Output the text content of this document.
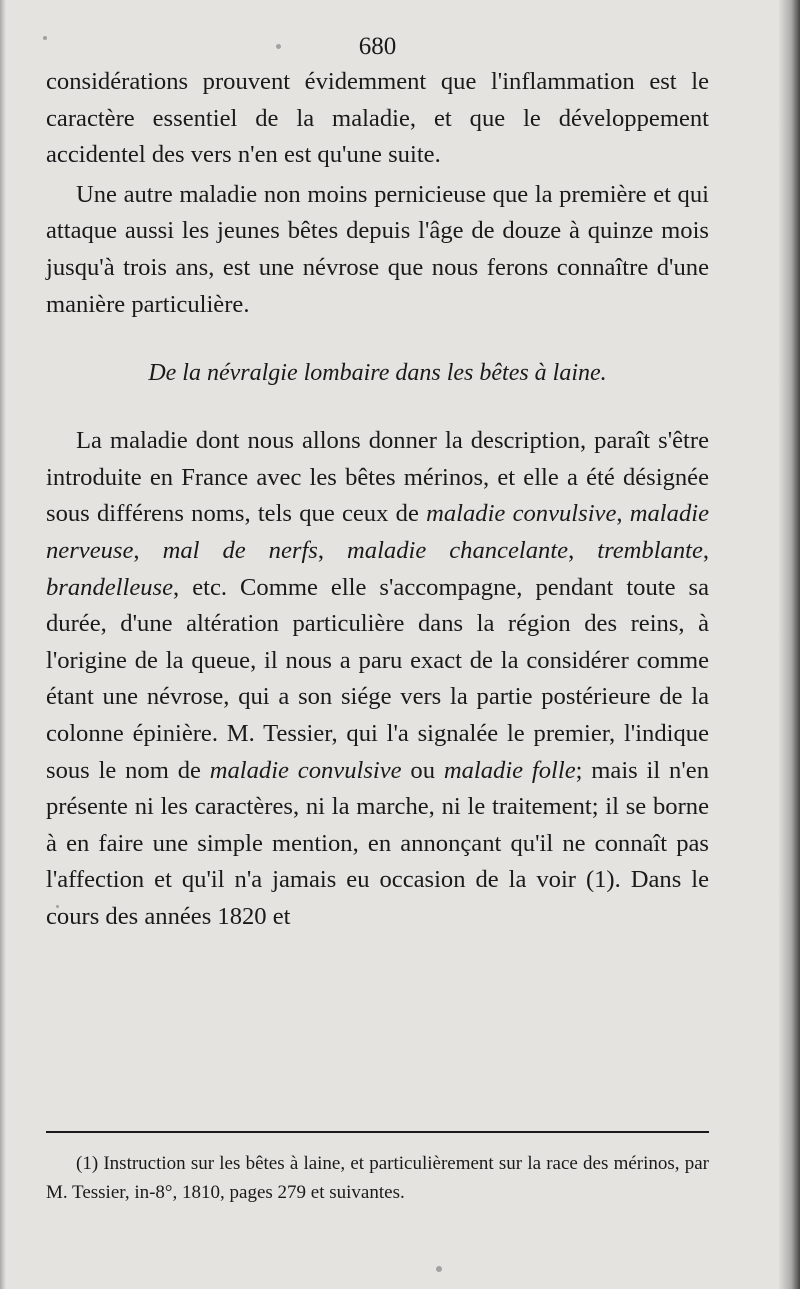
680

considérations prouvent évidemment que l'inflammation est le caractère essentiel de la maladie, et que le développement accidentel des vers n'en est qu'une suite.

Une autre maladie non moins pernicieuse que la première et qui attaque aussi les jeunes bêtes depuis l'âge de douze à quinze mois jusqu'à trois ans, est une névrose que nous ferons connaître d'une manière particulière.

De la névralgie lombaire dans les bêtes à laine.

La maladie dont nous allons donner la description, paraît s'être introduite en France avec les bêtes mérinos, et elle a été désignée sous différens noms, tels que ceux de maladie convulsive, maladie nerveuse, mal de nerfs, maladie chancelante, tremblante, brandelleuse, etc. Comme elle s'accompagne, pendant toute sa durée, d'une altération particulière dans la région des reins, à l'origine de la queue, il nous a paru exact de la considérer comme étant une névrose, qui a son siége vers la partie postérieure de la colonne épinière. M. Tessier, qui l'a signalée le premier, l'indique sous le nom de maladie convulsive ou maladie folle; mais il n'en présente ni les caractères, ni la marche, ni le traitement; il se borne à en faire une simple mention, en annonçant qu'il ne connaît pas l'affection et qu'il n'a jamais eu occasion de la voir (1). Dans le cours des années 1820 et

(1) Instruction sur les bêtes à laine, et particulièrement sur la race des mérinos, par M. Tessier, in-8°, 1810, pages 279 et suivantes.
